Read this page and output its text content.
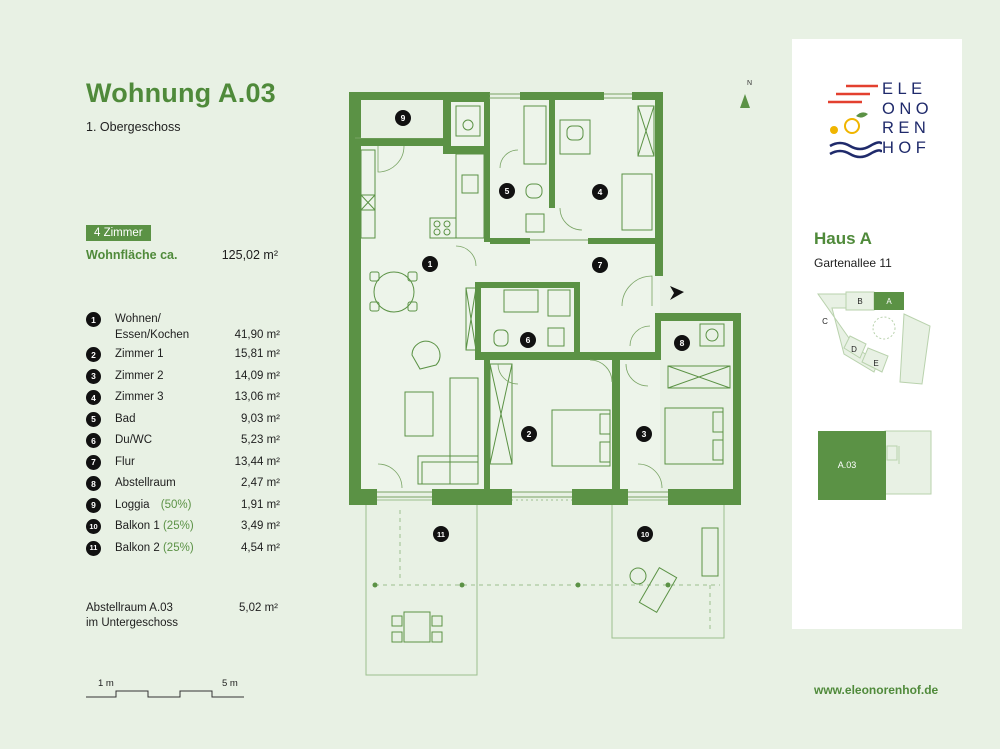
Wohnung A.03
1. Obergeschoss
4 Zimmer
Wohnfläche ca.	125,02 m²
1	Wohnen/
Essen/Kochen	41,90 m²
2	Zimmer 1	15,81 m²
3	Zimmer 2	14,09 m²
4	Zimmer 3	13,06 m²
5	Bad	9,03 m²
6	Du/WC	5,23 m²
7	Flur	13,44 m²
8	Abstellraum	2,47 m²
9	Loggia (50%)	1,91 m²
10 Balkon 1 (25%)	3,49 m²
11	Balkon 2 (25%)	4,54 m²
Abstellraum A.03
im Untergeschoss
5,02 m²
1 m	5 m
N
9
1
5	4
7
6	8
2	3
11	10
ELE
ONO
REN
HOF
Haus A
Gartenallee 11
A
B
C
D
E
A.03
www.eleonorenhof.de
